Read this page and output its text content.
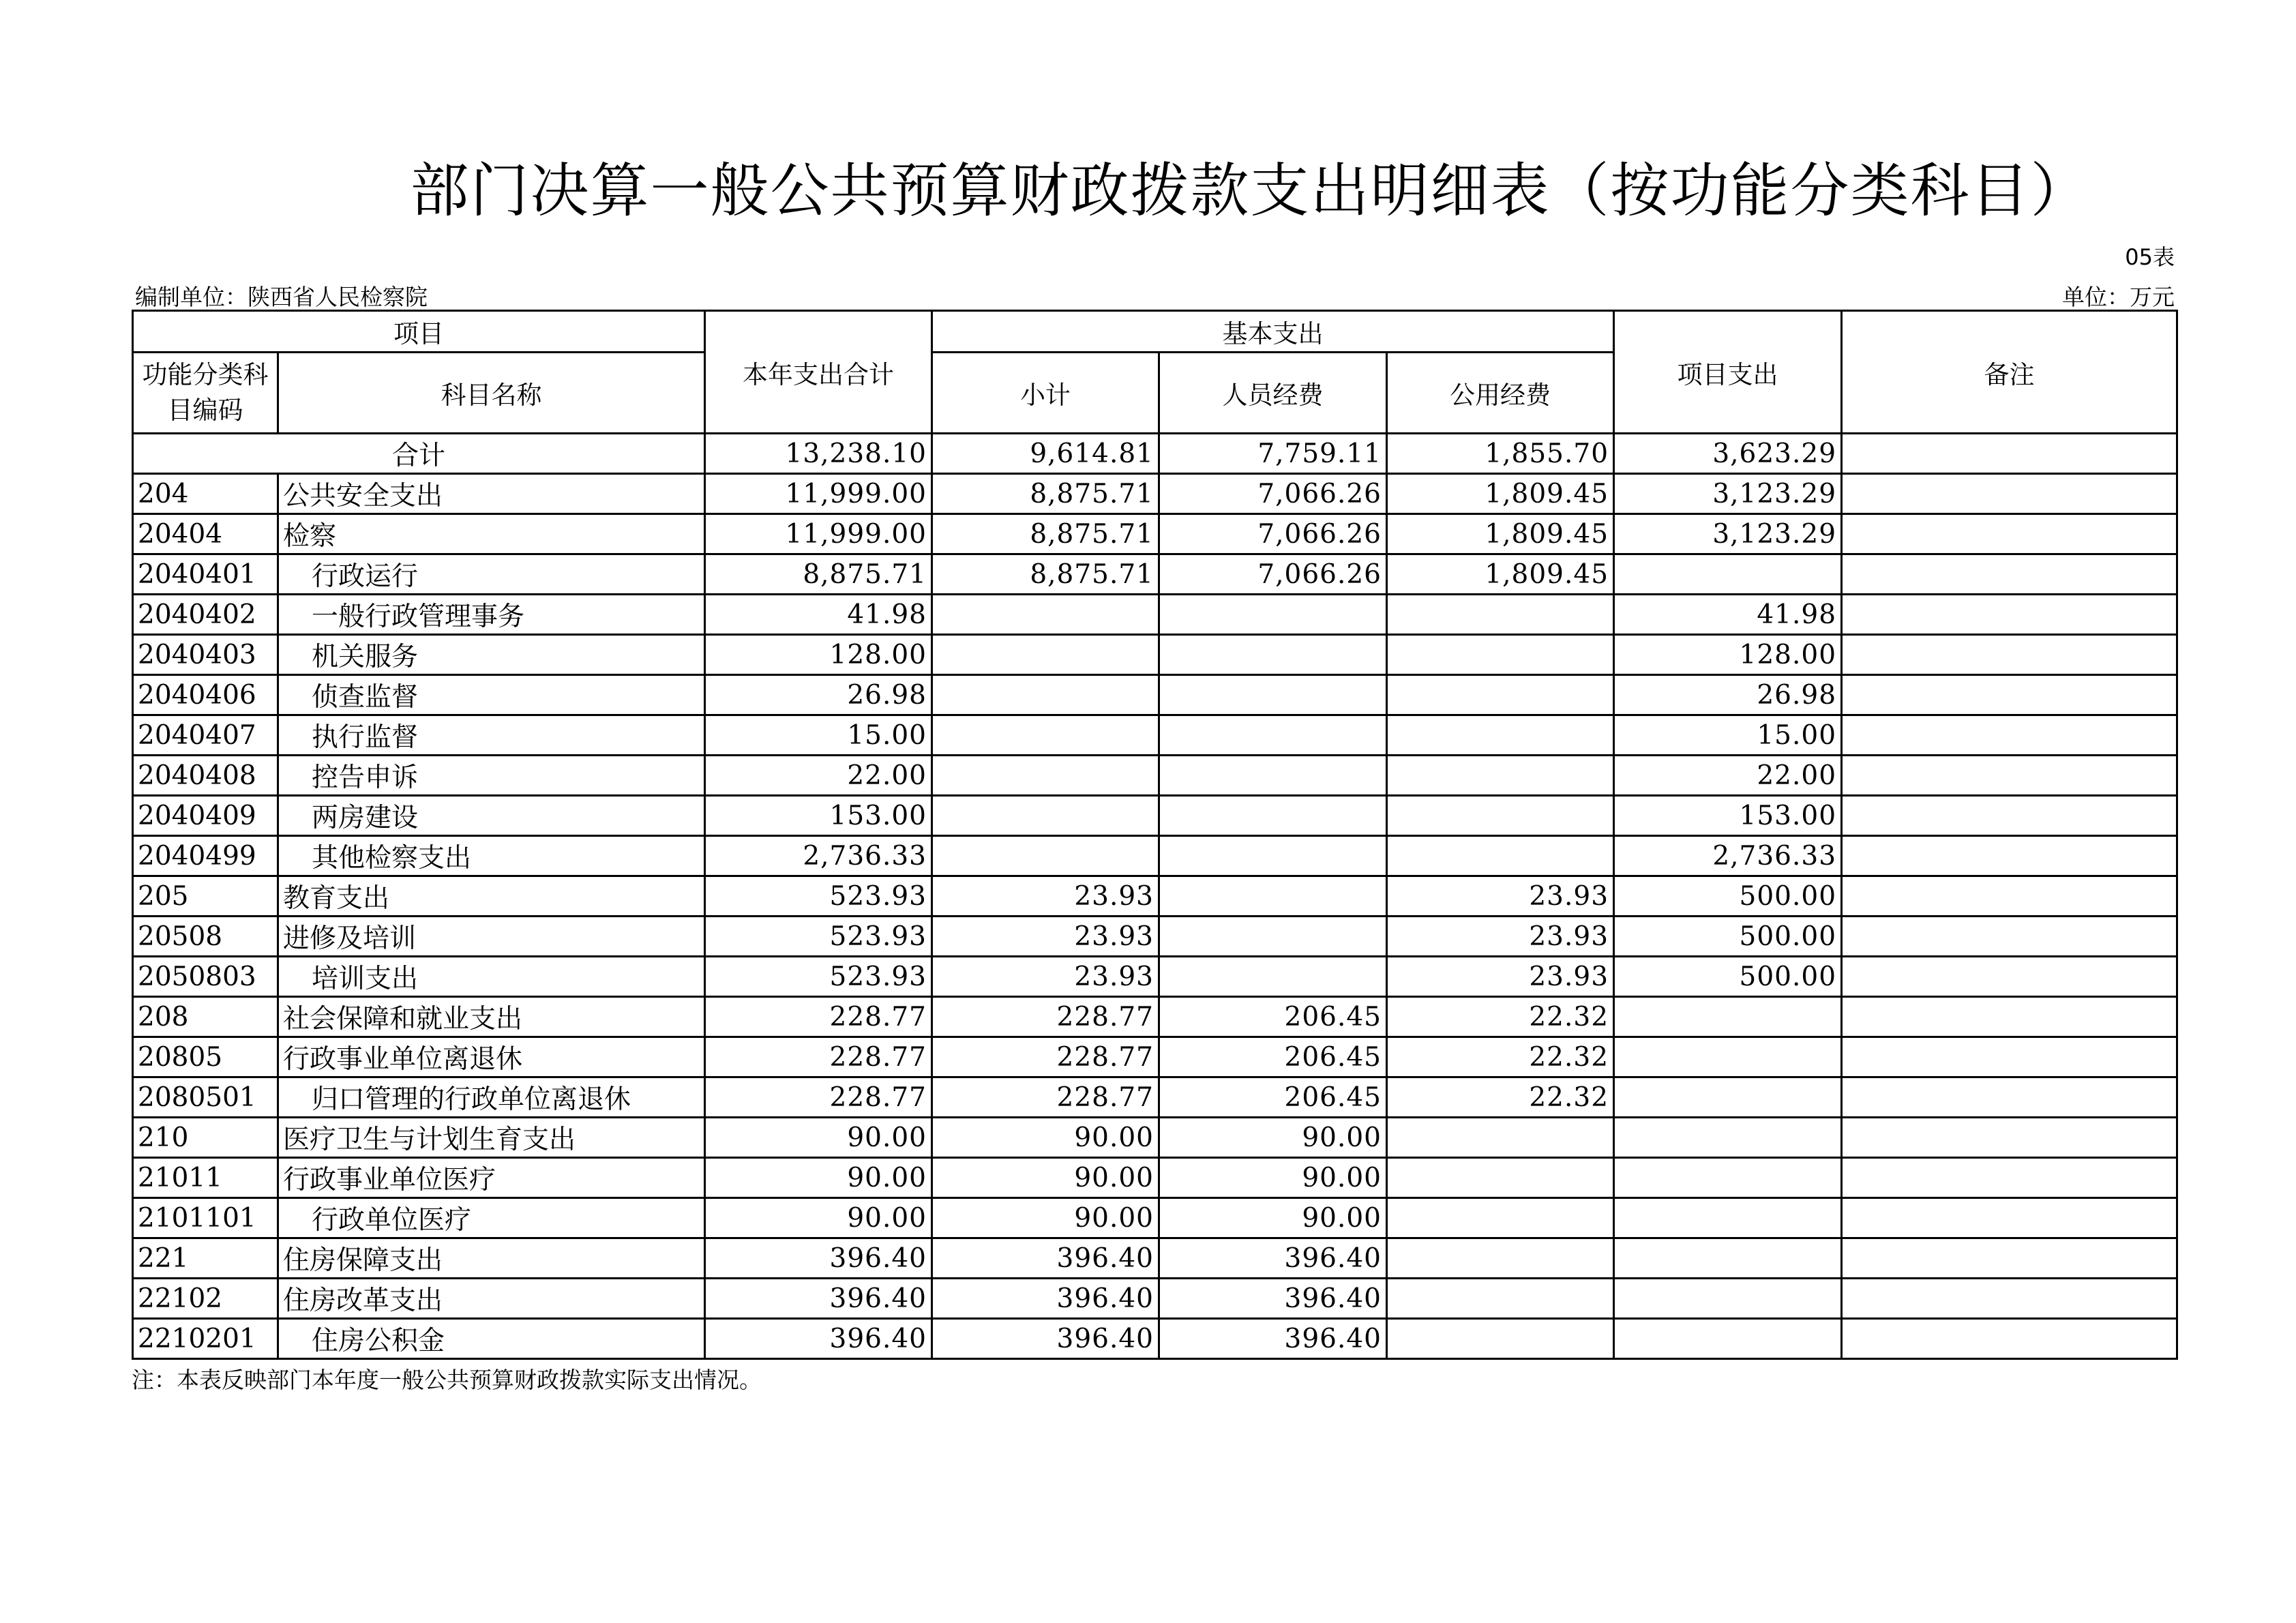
部门决算一般公共预算财政拨款支出明细表（按功能分类科目）
05表
编制单位：陕西省人民检察院	单位：万元
项目		本年支出合计	基本支出			项目支出	备注
功能分类科目编码	科目名称		小计	人员经费	公用经费		
合计		13,238.10	9,614.81	7,759.11	1,855.70	3,623.29	
204	公共安全支出	11,999.00	8,875.71	7,066.26	1,809.45	3,123.29	
20404	检察	11,999.00	8,875.71	7,066.26	1,809.45	3,123.29	
2040401	行政运行	8,875.71	8,875.71	7,066.26	1,809.45		
2040402	一般行政管理事务	41.98				41.98	
2040403	机关服务	128.00				128.00	
2040406	侦查监督	26.98				26.98	
2040407	执行监督	15.00				15.00	
2040408	控告申诉	22.00				22.00	
2040409	两房建设	153.00				153.00	
2040499	其他检察支出	2,736.33				2,736.33	
205	教育支出	523.93	23.93		23.93	500.00	
20508	进修及培训	523.93	23.93		23.93	500.00	
2050803	培训支出	523.93	23.93		23.93	500.00	
208	社会保障和就业支出	228.77	228.77	206.45	22.32		
20805	行政事业单位离退休	228.77	228.77	206.45	22.32		
2080501	归口管理的行政单位离退休	228.77	228.77	206.45	22.32		
210	医疗卫生与计划生育支出	90.00	90.00	90.00			
21011	行政事业单位医疗	90.00	90.00	90.00			
2101101	行政单位医疗	90.00	90.00	90.00			
221	住房保障支出	396.40	396.40	396.40			
22102	住房改革支出	396.40	396.40	396.40			
2210201	住房公积金	396.40	396.40	396.40			
注：本表反映部门本年度一般公共预算财政拨款实际支出情况。
